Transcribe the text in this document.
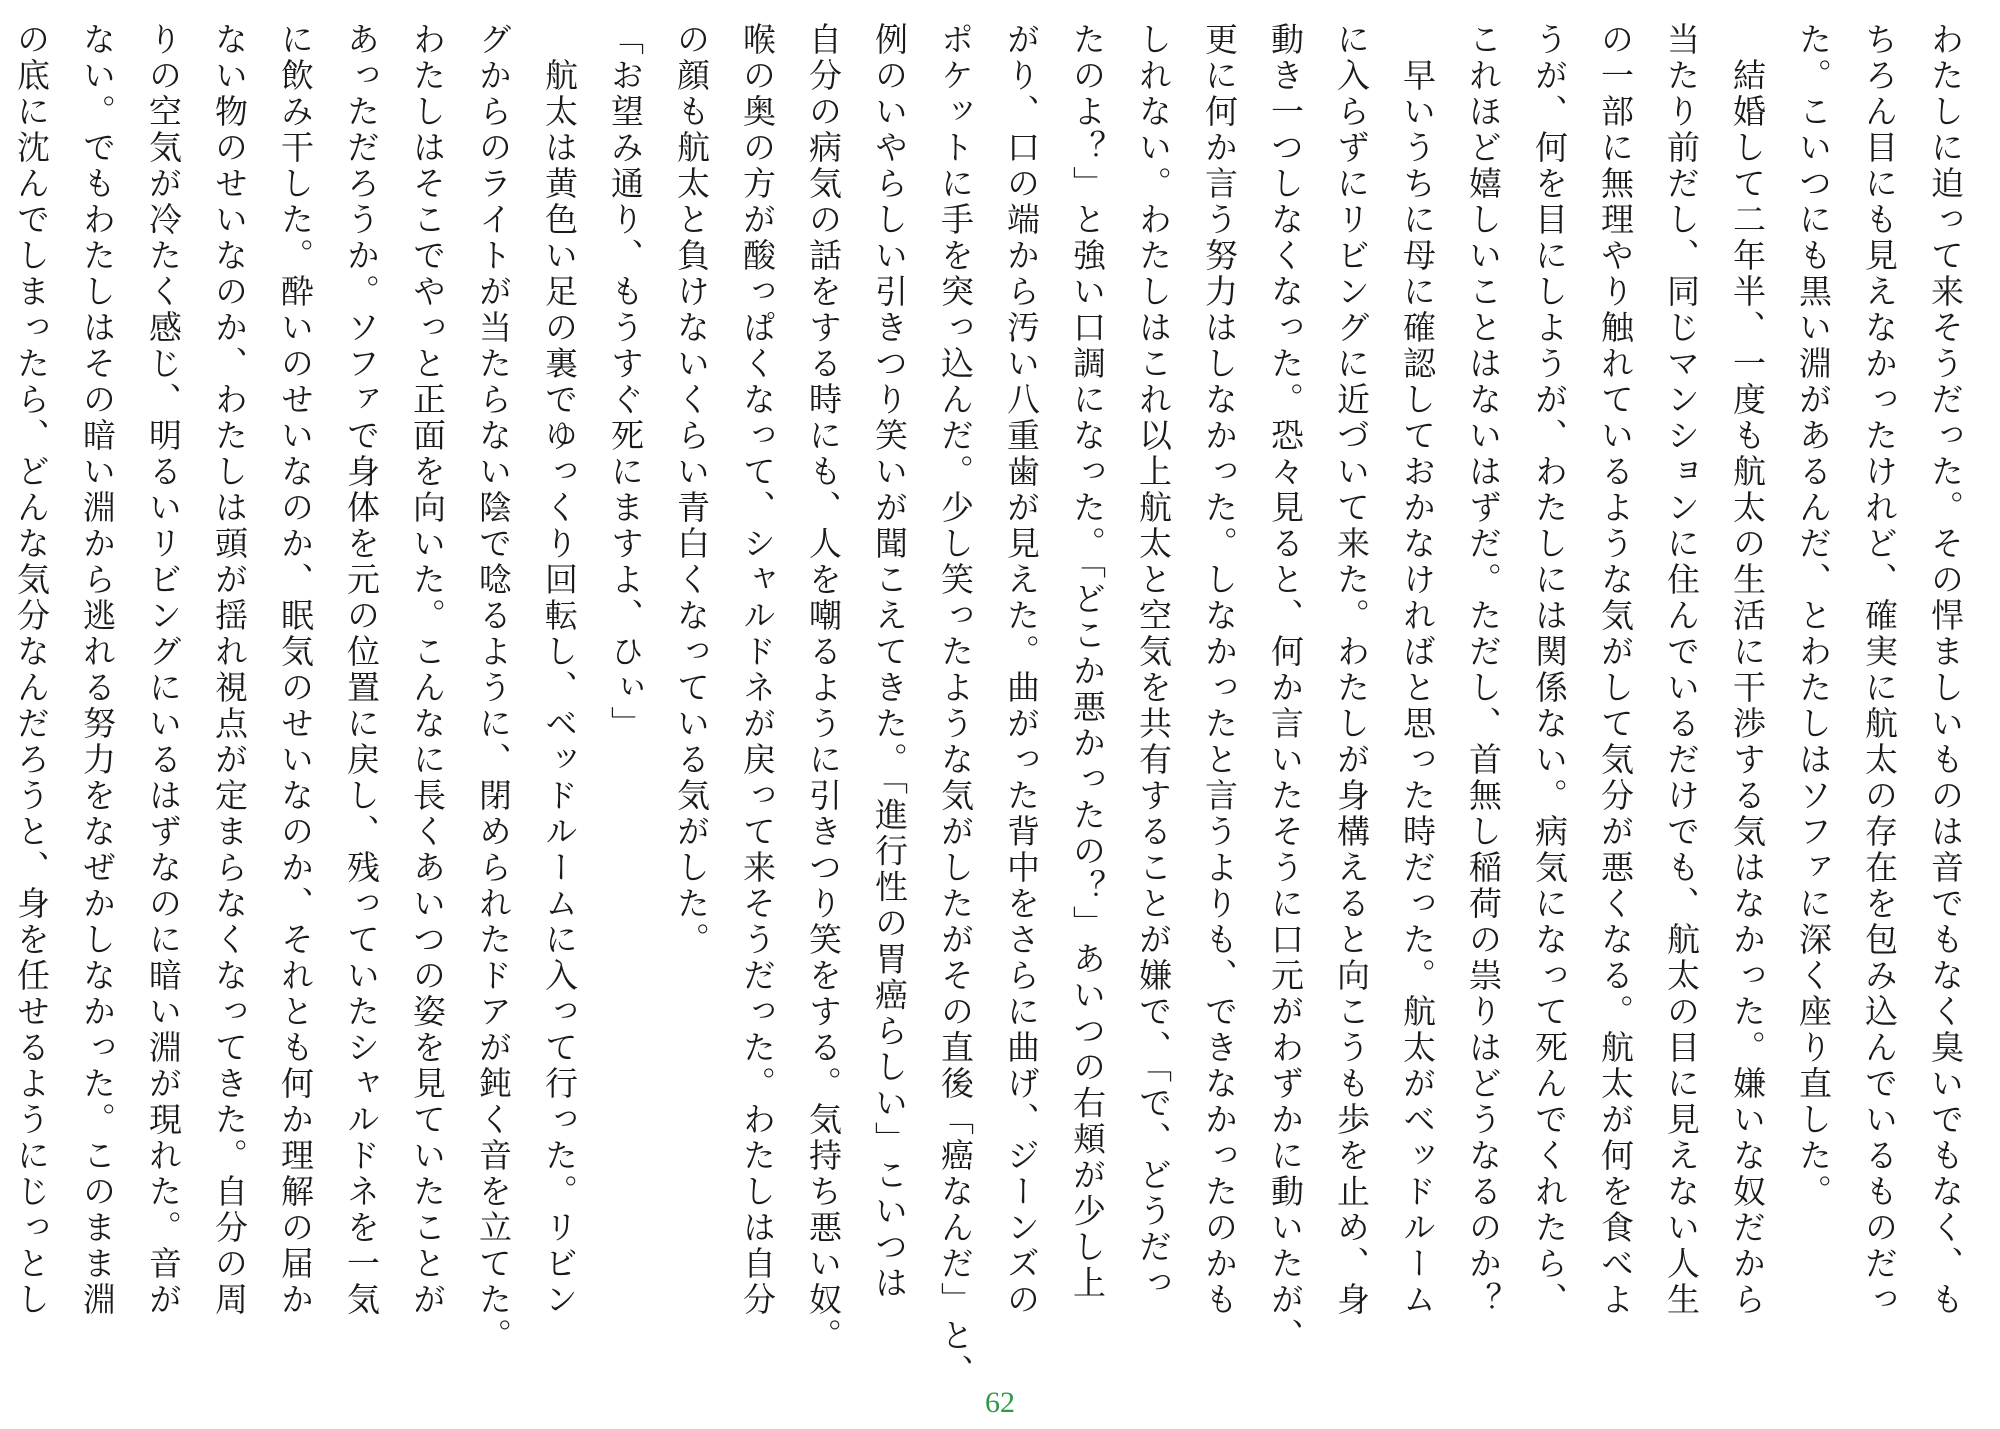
わたしに迫って来そうだった。その悍ましいものは音でもなく臭いでもなく、も
ちろん目にも見えなかったけれど、確実に航太の存在を包み込んでいるものだっ
た。こいつにも黒い淵があるんだ、とわたしはソファに深く座り直した。
　結婚して二年半、一度も航太の生活に干渉する気はなかった。嫌いな奴だから
当たり前だし、同じマンションに住んでいるだけでも、航太の目に見えない人生
の一部に無理やり触れているような気がして気分が悪くなる。航太が何を食べよ
うが、何を目にしようが、わたしには関係ない。病気になって死んでくれたら、
これほど嬉しいことはないはずだ。ただし、首無し稲荷の祟りはどうなるのか？
　早いうちに母に確認しておかなければと思った時だった。航太がベッドルーム
に入らずにリビングに近づいて来た。わたしが身構えると向こうも歩を止め、身
動き一つしなくなった。恐々見ると、何か言いたそうに口元がわずかに動いたが、
更に何か言う努力はしなかった。しなかったと言うよりも、できなかったのかも
しれない。わたしはこれ以上航太と空気を共有することが嫌で、「で、どうだっ
たのよ？」と強い口調になった。「どこか悪かったの？」あいつの右頬が少し上
がり、口の端から汚い八重歯が見えた。曲がった背中をさらに曲げ、ジーンズの
ポケットに手を突っ込んだ。少し笑ったような気がしたがその直後「癌なんだ」と、
例のいやらしい引きつり笑いが聞こえてきた。「進行性の胃癌らしい」こいつは
自分の病気の話をする時にも、人を嘲るように引きつり笑をする。気持ち悪い奴。
喉の奥の方が酸っぱくなって、シャルドネが戻って来そうだった。わたしは自分
の顔も航太と負けないくらい青白くなっている気がした。
「お望み通り、もうすぐ死にますよ、ひぃ」
　航太は黄色い足の裏でゆっくり回転し、ベッドルームに入って行った。リビン
グからのライトが当たらない陰で唸るように、閉められたドアが鈍く音を立てた。
わたしはそこでやっと正面を向いた。こんなに長くあいつの姿を見ていたことが
あっただろうか。ソファで身体を元の位置に戻し、残っていたシャルドネを一気
に飲み干した。酔いのせいなのか、眠気のせいなのか、それとも何か理解の届か
ない物のせいなのか、わたしは頭が揺れ視点が定まらなくなってきた。自分の周
りの空気が冷たく感じ、明るいリビングにいるはずなのに暗い淵が現れた。音が
ない。でもわたしはその暗い淵から逃れる努力をなぜかしなかった。このまま淵
の底に沈んでしまったら、どんな気分なんだろうと、身を任せるようにじっとし
62
